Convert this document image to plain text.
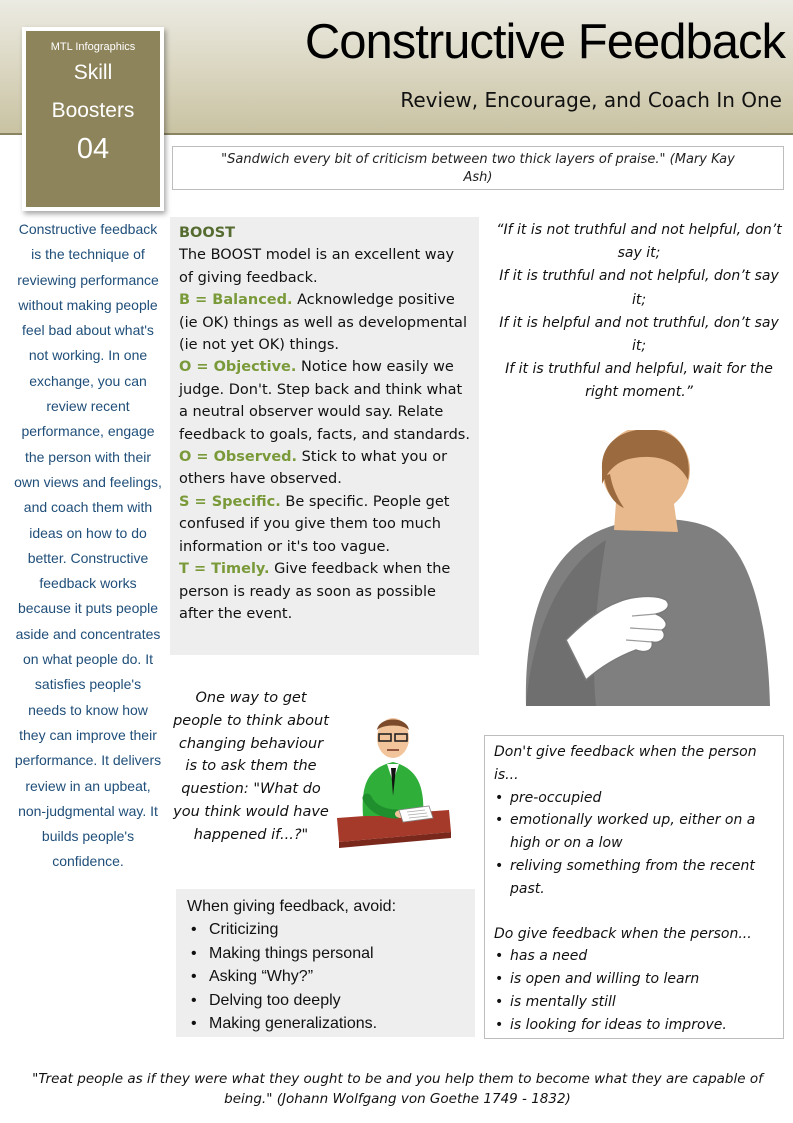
MTL Infographics
Skill
Boosters
04
Constructive Feedback
Review, Encourage, and Coach In One
"Sandwich every bit of criticism between two thick layers of praise." (Mary Kay Ash)
Constructive feedback is the technique of reviewing performance without making people feel bad about what's not working. In one exchange, you can review recent performance, engage the person with their own views and feelings, and coach them with ideas on how to do better. Constructive feedback works because it puts people aside and concentrates on what people do. It satisfies people's needs to know how they can improve their performance. It delivers review in an upbeat, non-judgmental way. It builds people's confidence.

BOOST

The BOOST model is an excellent way of giving feedback.

B = Balanced. Acknowledge positive (ie OK) things as well as developmental (ie not yet OK) things.

O = Objective. Notice how easily we judge. Don't. Step back and think what a neutral observer would say. Relate feedback to goals, facts, and standards.

O = Observed. Stick to what you or others have observed.

S = Specific. Be specific. People get confused if you give them too much information or it's too vague.

T = Timely. Give feedback when the person is ready as soon as possible after the event.

“If it is not truthful and not helpful, don’t say it;
If it is truthful and not helpful, don’t say it;
If it is helpful and not truthful, don’t say it;
If it is truthful and helpful, wait for the right moment.”
One way to get people to think about changing behaviour is to ask them the question: "What do you think would have happened if...?"
When giving feedback, avoid:
• Criticizing
• Making things personal
• Asking “Why?”
• Delving too deeply
• Making generalizations.

Don't give feedback when the person is...

• pre-occupied
• emotionally worked up, either on a high or on a low
• reliving something from the recent past.

Do give feedback when the person...

• has a need
• is open and willing to learn
• is mentally still
• is looking for ideas to improve.
"Treat people as if they were what they ought to be and you help them to become what they are capable of being." (Johann Wolfgang von Goethe 1749 - 1832)
